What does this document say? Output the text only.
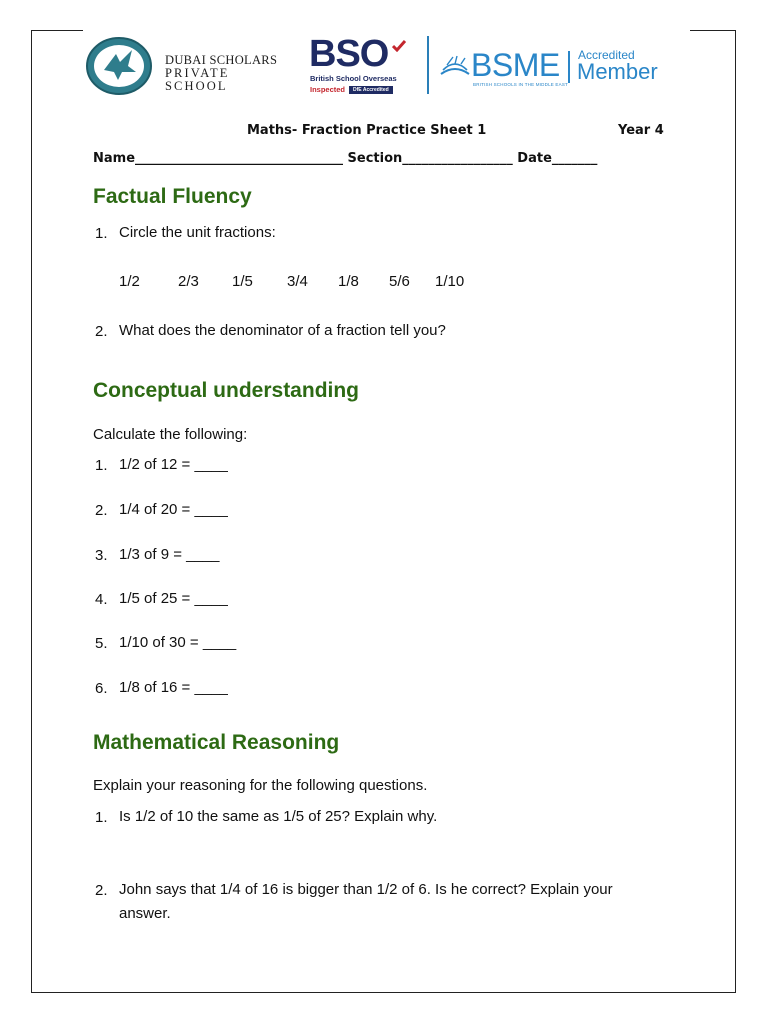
DUBAI SCHOLARS
PRIVATE SCHOOL
BSO
British School Overseas
Inspected DfE Accredited
BSME
BRITISH SCHOOLS IN THE MIDDLE EAST
Accredited
Member
Maths- Fraction Practice Sheet 1	Year 4
Name________________________________ Section_________________ Date_______
Factual Fluency
1. Circle the unit fractions:
1/2	2/3 1/5 3/4 1/8 5/6 1/10
2. What does the denominator of a fraction tell you?
Conceptual understanding
Calculate the following:
1. 1/2 of 12 = ____
2. 1/4 of 20 = ____
3. 1/3 of 9 = ____
4. 1/5 of 25 = ____
5. 1/10 of 30 = ____
6. 1/8 of 16 = ____
Mathematical Reasoning
Explain your reasoning for the following questions.
1. Is 1/2 of 10 the same as 1/5 of 25? Explain why.
2. John says that 1/4 of 16 is bigger than 1/2 of 6. Is he correct? Explain your answer.
